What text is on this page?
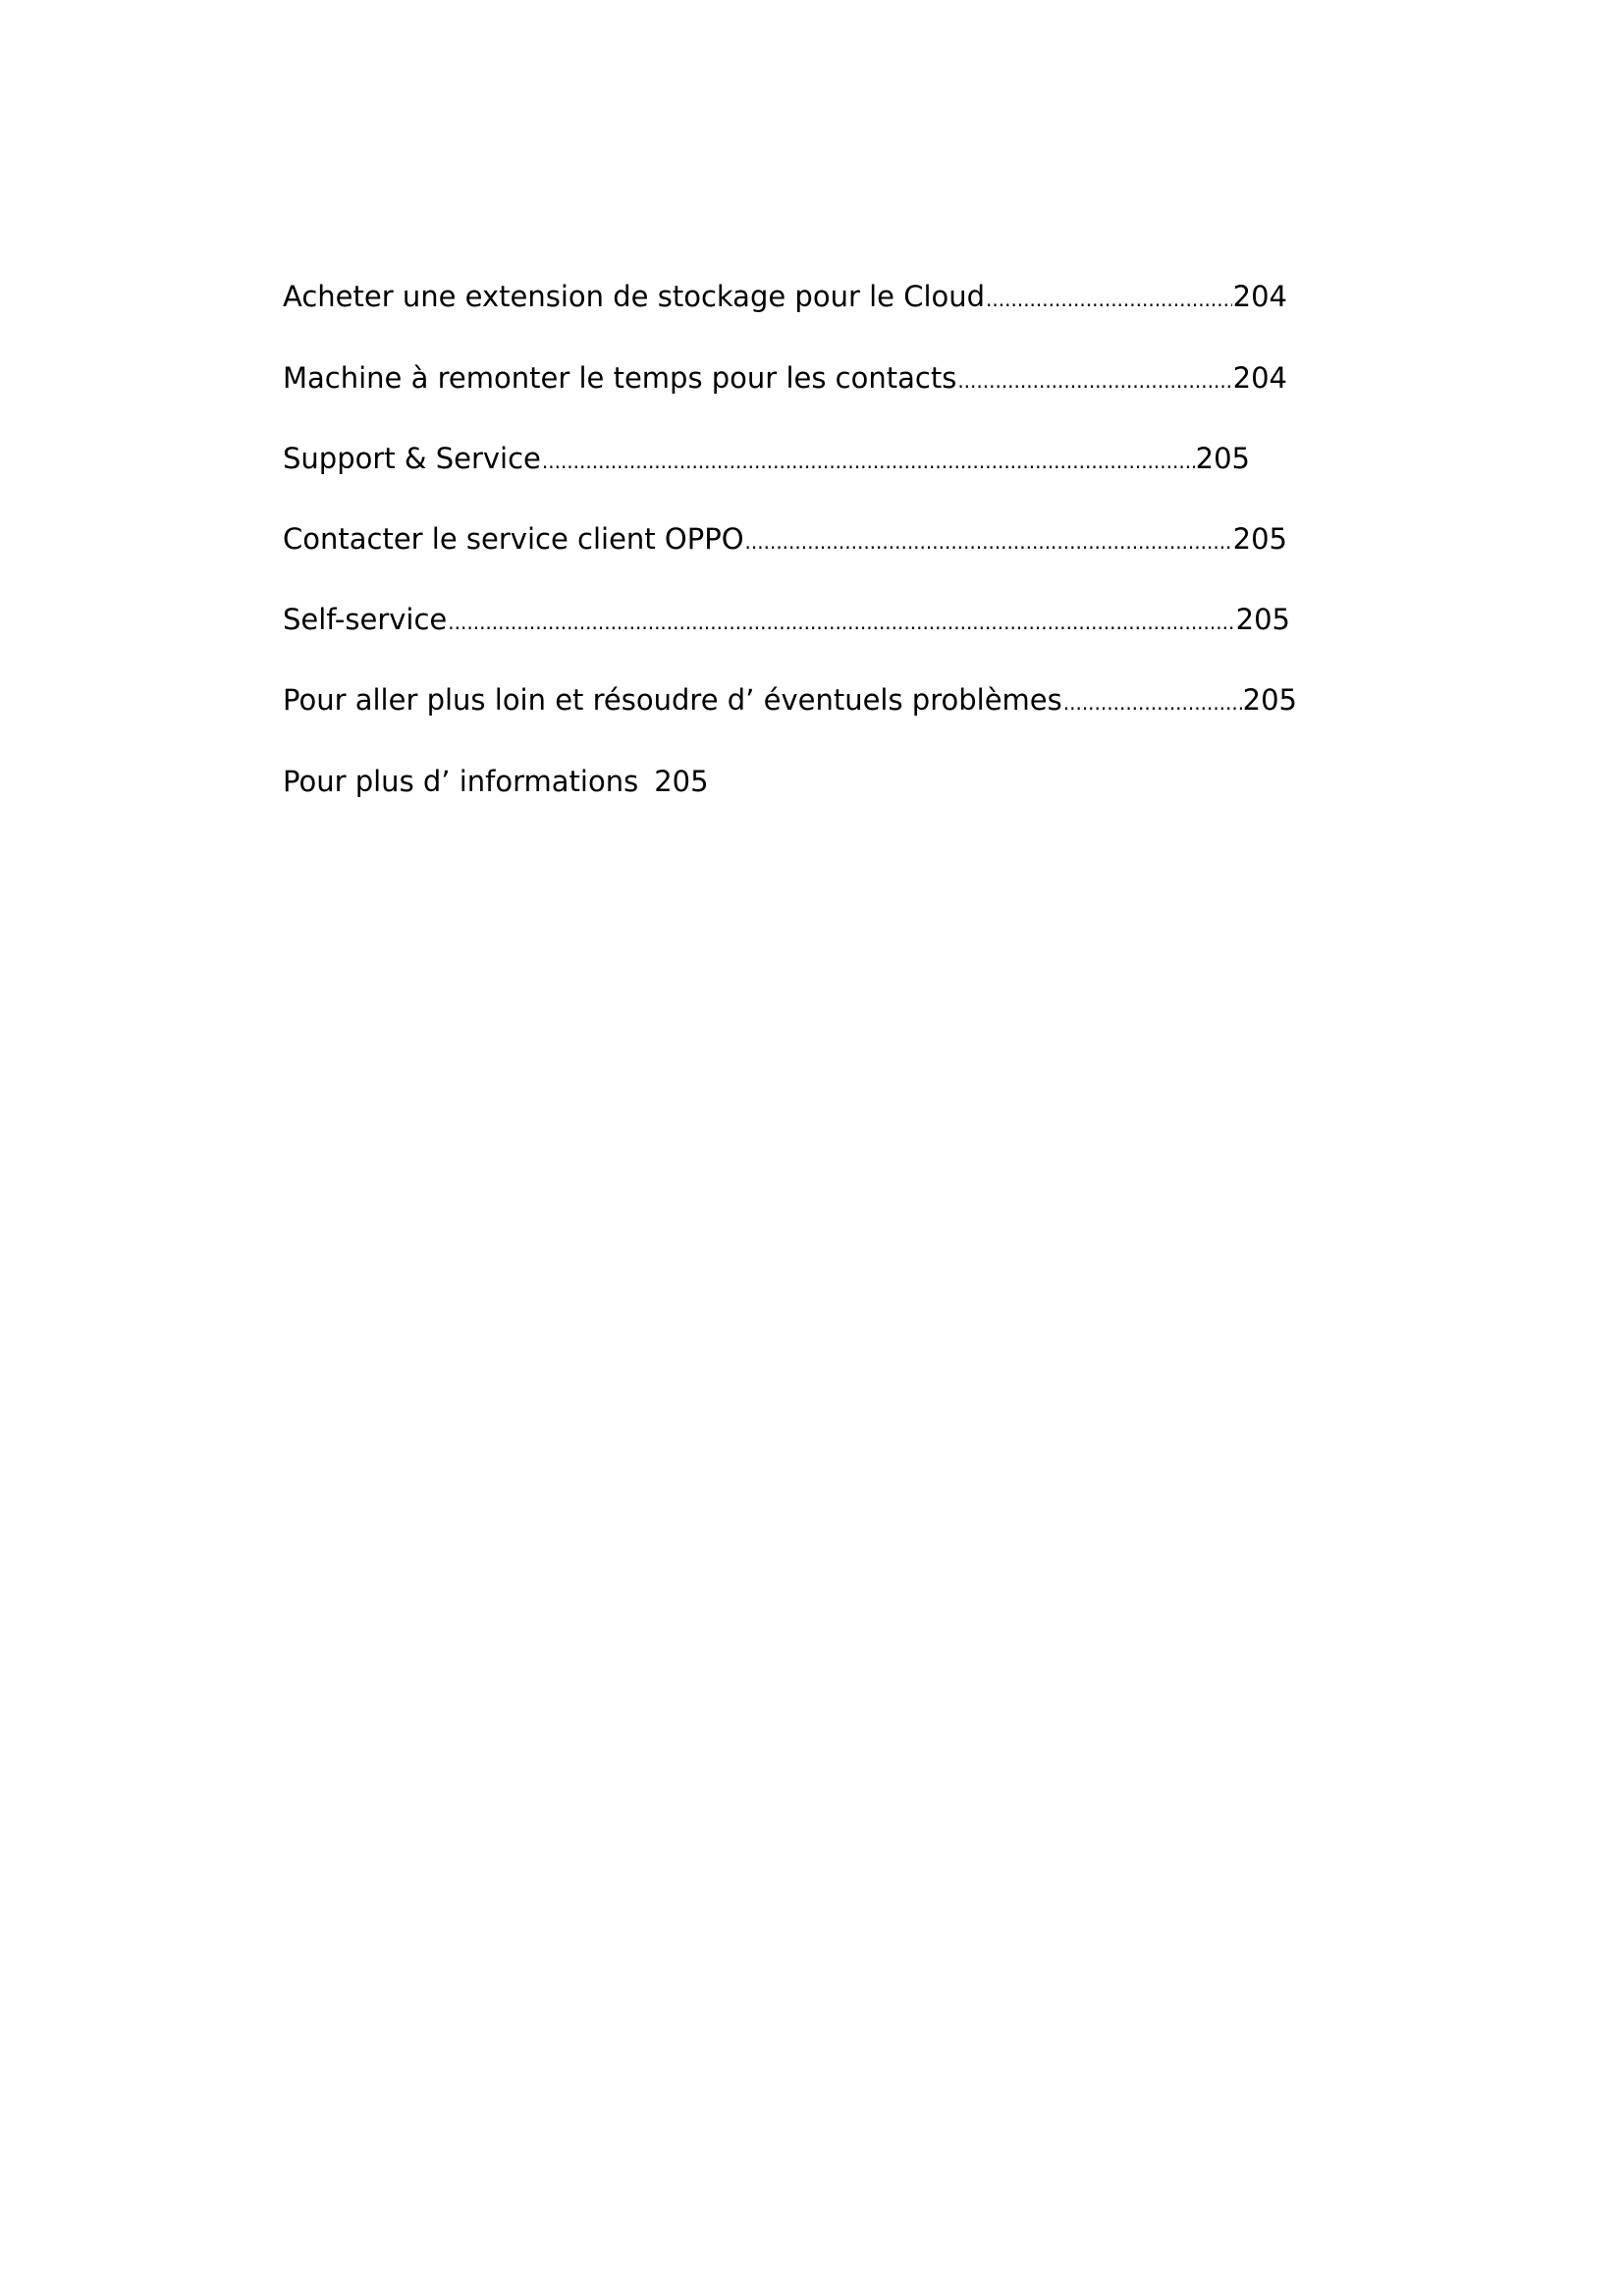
Acheter une extension de stockage pour le Cloud .....	204
Machine à remonter le temps pour les contacts .....	204
Support & Service .....	205
Contacter le service client OPPO .....	205
Self-service .....	205
Pour aller plus loin et résoudre d’ éventuels problèmes .....	205
Pour plus d’ informations 205
